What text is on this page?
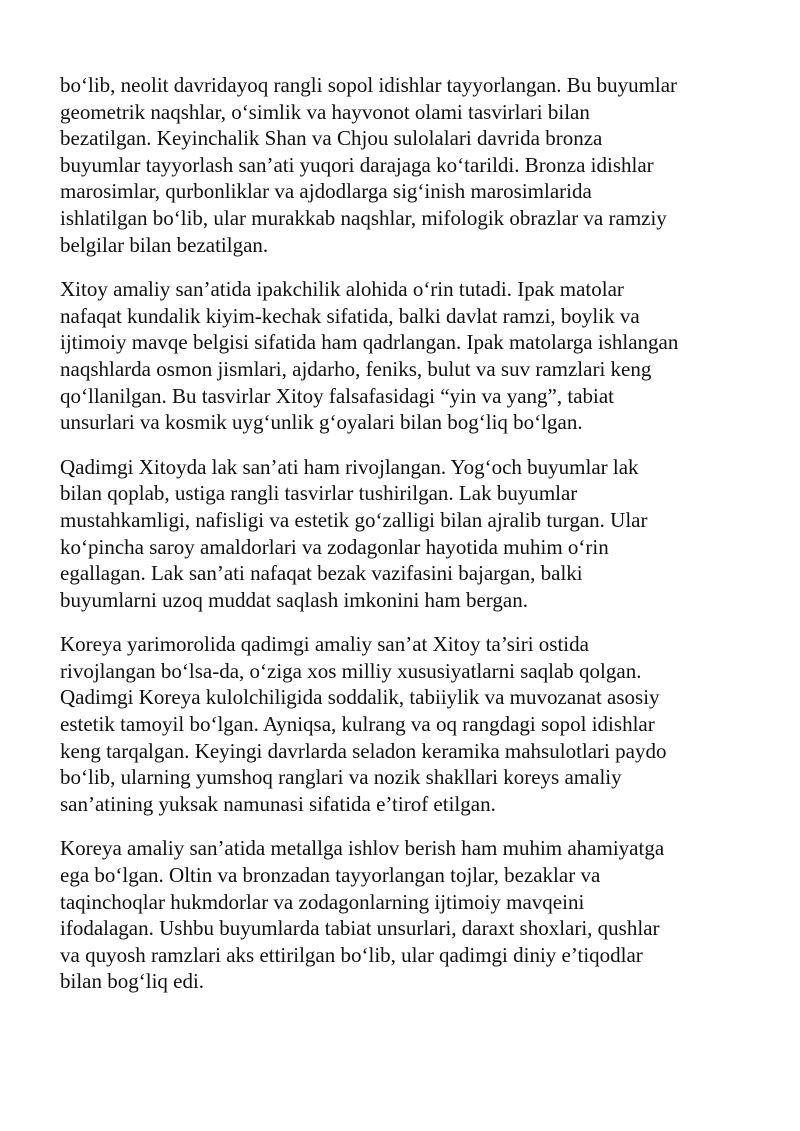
bo‘lib, neolit davridayoq rangli sopol idishlar tayyorlangan. Bu buyumlar
geometrik naqshlar, o‘simlik va hayvonot olami tasvirlari bilan
bezatilgan. Keyinchalik Shan va Chjou sulolalari davrida bronza
buyumlar tayyorlash san’ati yuqori darajaga ko‘tarildi. Bronza idishlar
marosimlar, qurbonliklar va ajdodlarga sig‘inish marosimlarida
ishlatilgan bo‘lib, ular murakkab naqshlar, mifologik obrazlar va ramziy
belgilar bilan bezatilgan.

Xitoy amaliy san’atida ipakchilik alohida o‘rin tutadi. Ipak matolar
nafaqat kundalik kiyim-kechak sifatida, balki davlat ramzi, boylik va
ijtimoiy mavqe belgisi sifatida ham qadrlangan. Ipak matolarga ishlangan
naqshlarda osmon jismlari, ajdarho, feniks, bulut va suv ramzlari keng
qo‘llanilgan. Bu tasvirlar Xitoy falsafasidagi “yin va yang”, tabiat
unsurlari va kosmik uyg‘unlik g‘oyalari bilan bog‘liq bo‘lgan.

Qadimgi Xitoyda lak san’ati ham rivojlangan. Yog‘och buyumlar lak
bilan qoplab, ustiga rangli tasvirlar tushirilgan. Lak buyumlar
mustahkamligi, nafisligi va estetik go‘zalligi bilan ajralib turgan. Ular
ko‘pincha saroy amaldorlari va zodagonlar hayotida muhim o‘rin
egallagan. Lak san’ati nafaqat bezak vazifasini bajargan, balki
buyumlarni uzoq muddat saqlash imkonini ham bergan.

Koreya yarimorolida qadimgi amaliy san’at Xitoy ta’siri ostida
rivojlangan bo‘lsa-da, o‘ziga xos milliy xususiyatlarni saqlab qolgan.
Qadimgi Koreya kulolchiligida soddalik, tabiiylik va muvozanat asosiy
estetik tamoyil bo‘lgan. Ayniqsa, kulrang va oq rangdagi sopol idishlar
keng tarqalgan. Keyingi davrlarda seladon keramika mahsulotlari paydo
bo‘lib, ularning yumshoq ranglari va nozik shakllari koreys amaliy
san’atining yuksak namunasi sifatida e’tirof etilgan.

Koreya amaliy san’atida metallga ishlov berish ham muhim ahamiyatga
ega bo‘lgan. Oltin va bronzadan tayyorlangan tojlar, bezaklar va
taqinchoqlar hukmdorlar va zodagonlarning ijtimoiy mavqeini
ifodalagan. Ushbu buyumlarda tabiat unsurlari, daraxt shoxlari, qushlar
va quyosh ramzlari aks ettirilgan bo‘lib, ular qadimgi diniy e’tiqodlar
bilan bog‘liq edi.
